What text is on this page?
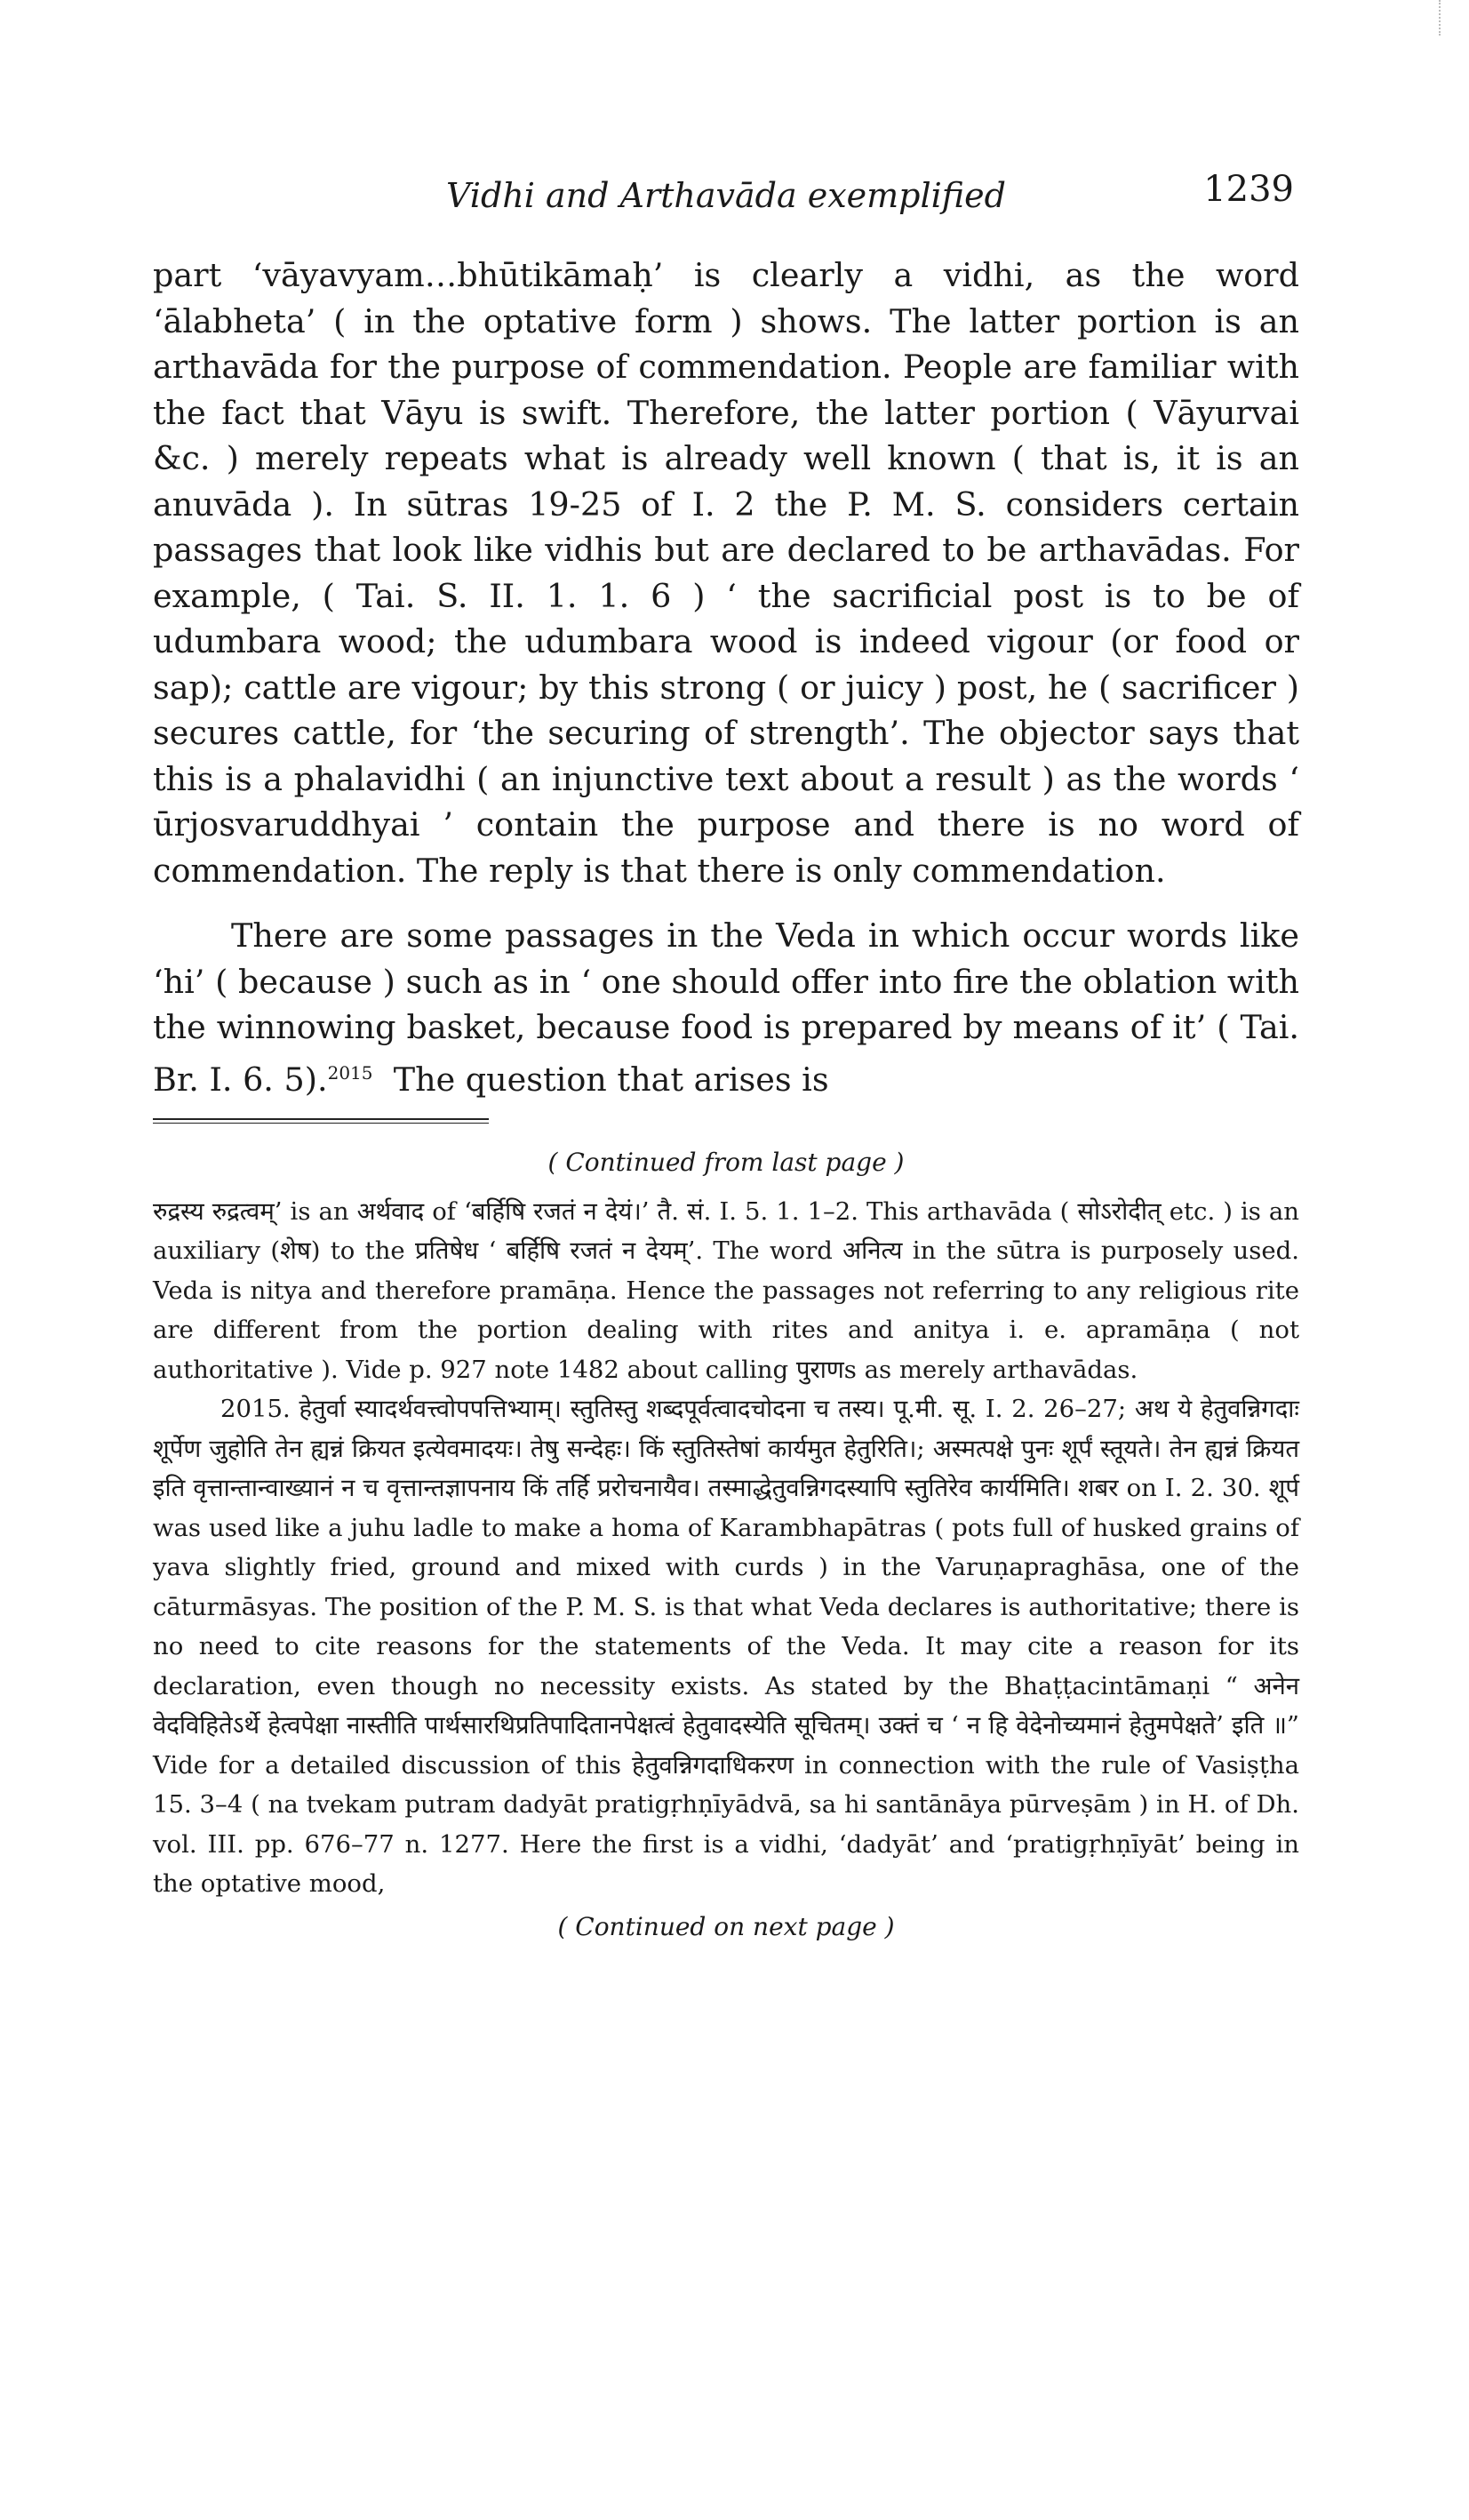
Vidhi and Arthavāda exemplified	1239

part ‘vāyavyam…bhūtikāmaḥ’ is clearly a vidhi, as the word ‘ālabheta’ ( in the optative form ) shows. The latter portion is an arthavāda for the purpose of commendation. People are familiar with the fact that Vāyu is swift. Therefore, the latter portion ( Vāyurvai &c. ) merely repeats what is already well known ( that is, it is an anuvāda ). In sūtras 19-25 of I. 2 the P. M. S. considers certain passages that look like vidhis but are declared to be arthavādas. For example, ( Tai. S. II. 1. 1. 6 ) ‘ the sacrificial post is to be of udumbara wood; the udumbara wood is indeed vigour (or food or sap); cattle are vigour; by this strong ( or juicy ) post, he ( sacrificer ) secures cattle, for ‘the securing of strength’. The objector says that this is a phalavidhi ( an injunctive text about a result ) as the words ‘ ūrjosvaruddhyai ’ contain the purpose and there is no word of commendation. The reply is that there is only commendation.

There are some passages in the Veda in which occur words like ‘hi’ ( because ) such as in ‘ one should offer into fire the oblation with the winnowing basket, because food is prepared by means of it’ ( Tai. Br. I. 6. 5).$^{2015}$ The question that arises is

( Continued from last page )

रुद्रस्य रुद्रत्वम्’ is an अर्थवाद of ‘बर्हिषि रजतं न देयं।’ तै. सं. I. 5. 1. 1–2. This arthavāda ( सोऽरोदीत् etc. ) is an auxiliary (शेष) to the प्रतिषेध ‘ बर्हिषि रजतं न देयम्’. The word अनित्य in the sūtra is purposely used. Veda is nitya and therefore pramāṇa. Hence the passages not referring to any religious rite are different from the portion dealing with rites and anitya i. e. apramāṇa ( not authoritative ). Vide p. 927 note 1482 about calling पुराणs as merely arthavādas.

2015. हेतुर्वा स्यादर्थवत्त्वोपपत्तिभ्याम्। स्तुतिस्तु शब्दपूर्वत्वादचोदना च तस्य। पू.मी. सू. I. 2. 26–27; अथ ये हेतुवन्निगदाः शूर्पेण जुहोति तेन ह्यन्नं क्रियत इत्येवमादयः। तेषु सन्देहः। किं स्तुतिस्तेषां कार्यमुत हेतुरिति।; अस्मत्पक्षे पुनः शूर्पं स्तूयते। तेन ह्यन्नं क्रियत इति वृत्तान्तान्वाख्यानं न च वृत्तान्तज्ञापनाय किं तर्हि प्ररोचनायैव। तस्माद्धेतुवन्निगदस्यापि स्तुतिरेव कार्यमिति। शबर on I. 2. 30. शूर्प was used like a juhu ladle to make a homa of Karambhapātras ( pots full of husked grains of yava slightly fried, ground and mixed with curds ) in the Varuṇapraghāsa, one of the cāturmāsyas. The position of the P. M. S. is that what Veda declares is authoritative; there is no need to cite reasons for the statements of the Veda. It may cite a reason for its declaration, even though no necessity exists. As stated by the Bhaṭṭacintāmaṇi “ अनेन वेदविहितेऽर्थे हेत्वपेक्षा नास्तीति पार्थसारथिप्रतिपादितानपेक्षत्वं हेतुवादस्येति सूचितम्। उक्तं च ‘ न हि वेदेनोच्यमानं हेतुमपेक्षते’ इति ॥” Vide for a detailed discussion of this हेतुवन्निगदाधिकरण in connection with the rule of Vasiṣṭha 15. 3–4 ( na tvekam putram dadyāt pratigṛhṇīyādvā, sa hi santānāya pūrveṣām ) in H. of Dh. vol. III. pp. 676–77 n. 1277. Here the first is a vidhi, ‘dadyāt’ and ‘pratigṛhṇīyāt’ being in the optative mood,

( Continued on next page )
